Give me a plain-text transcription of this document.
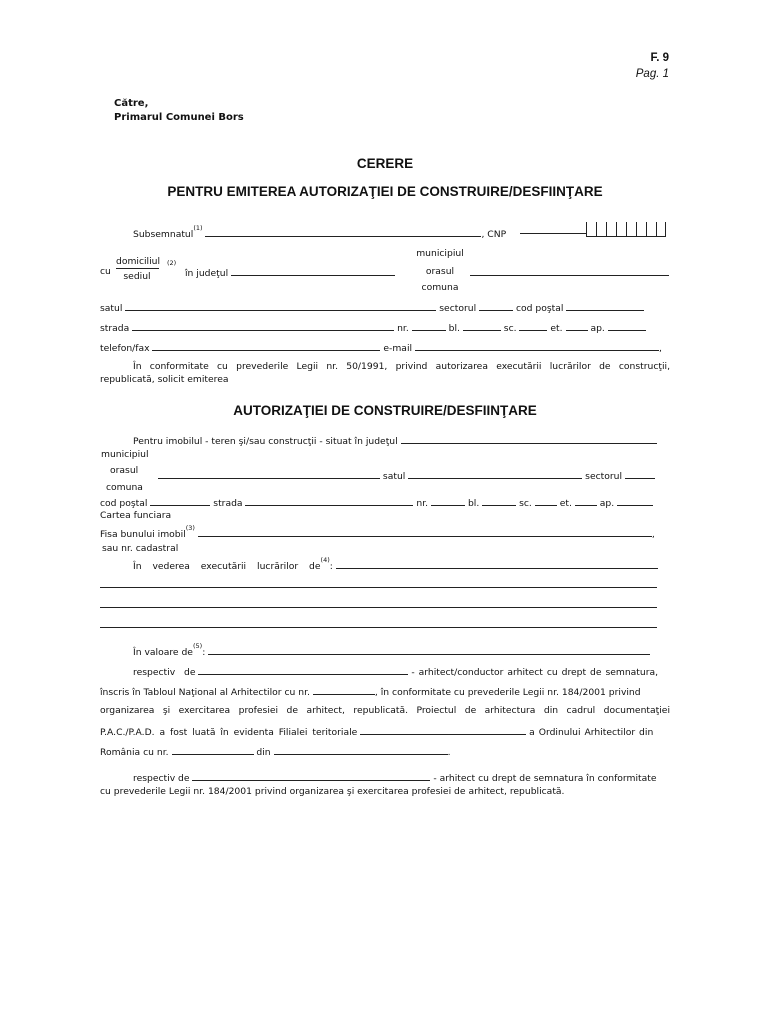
F. 9
Pag. 1
Către,
Primarul Comunei Bors
CERERE
PENTRU EMITEREA AUTORIZAŢIEI DE CONSTRUIRE/DESFIINŢARE
Subsemnatul$^{(1)}$ , CNP
cu
domiciliul
sediul
$^{(2)}$
în judeţul
municipiul
orasul
comuna
satul	sectorul	cod poştal
strada	nr.	bl.	sc.	et.	ap.
telefon/fax	e-mail	,
În conformitate cu prevederile Legii nr. 50/1991, privind autorizarea executării lucrărilor de construcţii,
republicată, solicit emiterea
AUTORIZAŢIEI DE CONSTRUIRE/DESFIINŢARE
Pentru imobilul - teren şi/sau construcţii - situat în judeţul
municipiul
orasul
satul	sectorul
comuna
cod poştal	strada	nr.	bl.	sc.	et.	ap.
Cartea funciara
Fisa bunului imobil$^{(3)}$ ,
sau nr. cadastral
În vederea executării lucrărilor $de^{(4)}$:
În valoare $de^{(5)}$:
respectiv de	- arhitect/conductor arhitect cu drept de semnatura,
înscris în Tabloul Naţional al Arhitectilor cu nr.	, în conformitate cu prevederile Legii nr. 184/2001 privind
organizarea şi exercitarea profesiei de arhitect, republicată. Proiectul de arhitectura din cadrul documentaţiei
P.A.C./P.A.D. a fost luată în evidenta Filialei teritoriale	a Ordinului Arhitectilor din
România cu nr.	din	.
respectiv de	- arhitect cu drept de semnatura în conformitate
cu prevederile Legii nr. 184/2001 privind organizarea şi exercitarea profesiei de arhitect, republicată.
